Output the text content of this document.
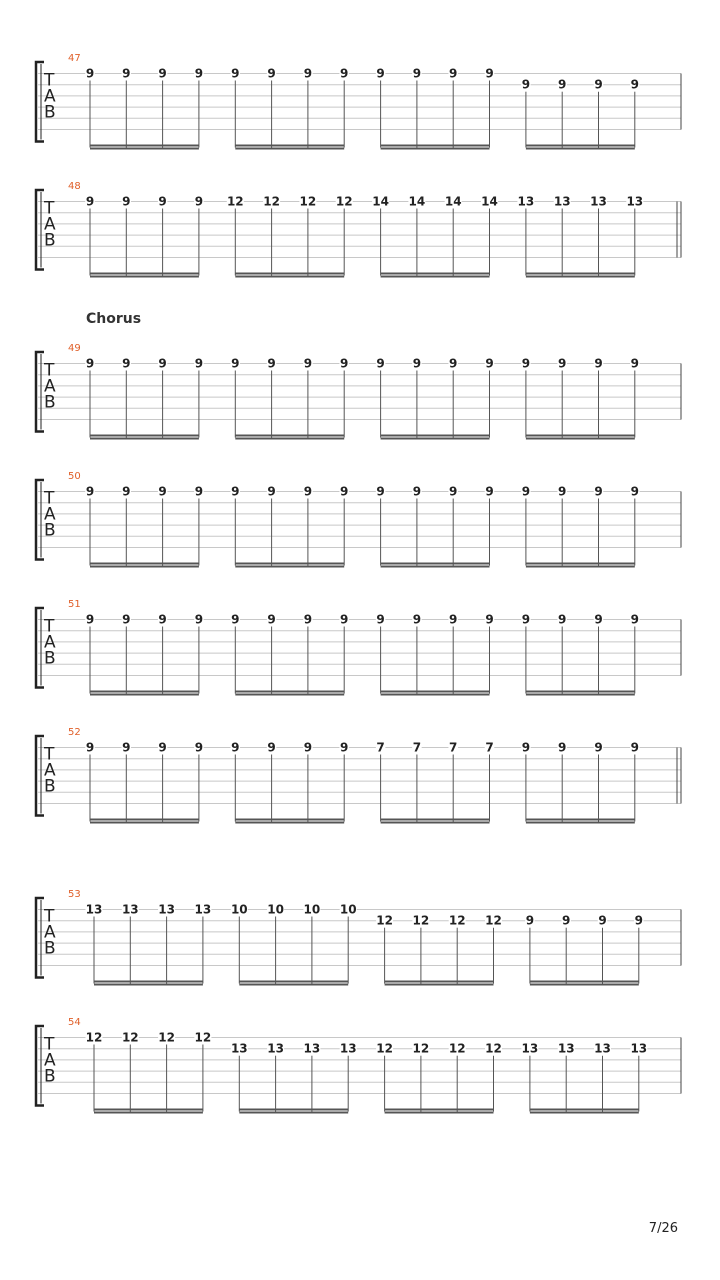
T
A
B
47
9 9 9 9 9 9 9 9 9 9 9 9
9 9 9 9
T
A
B
48
9 9 9 9 12 12 12 12 14 14 14 14 13 13 13 13
T
A
B
49
9 9 9 9 9 9 9 9 9 9 9 9 9 9 9 9
T
A
B
50
9 9 9 9 9 9 9 9 9 9 9 9 9 9 9 9
T
A
B
51
9 9 9 9 9 9 9 9 9 9 9 9 9 9 9 9
T
A
B
52
9 9 9 9 9 9 9 9 7 7 7 7 9 9 9 9
T
A
B
53
13 13 13 13 10 10 10 10
12 12 12 12 9 9 9 9
T
A
B
54
12 12 12 12
13 13 13 13 12 12 12 12 13 13 13 13
Chorus
7/26
